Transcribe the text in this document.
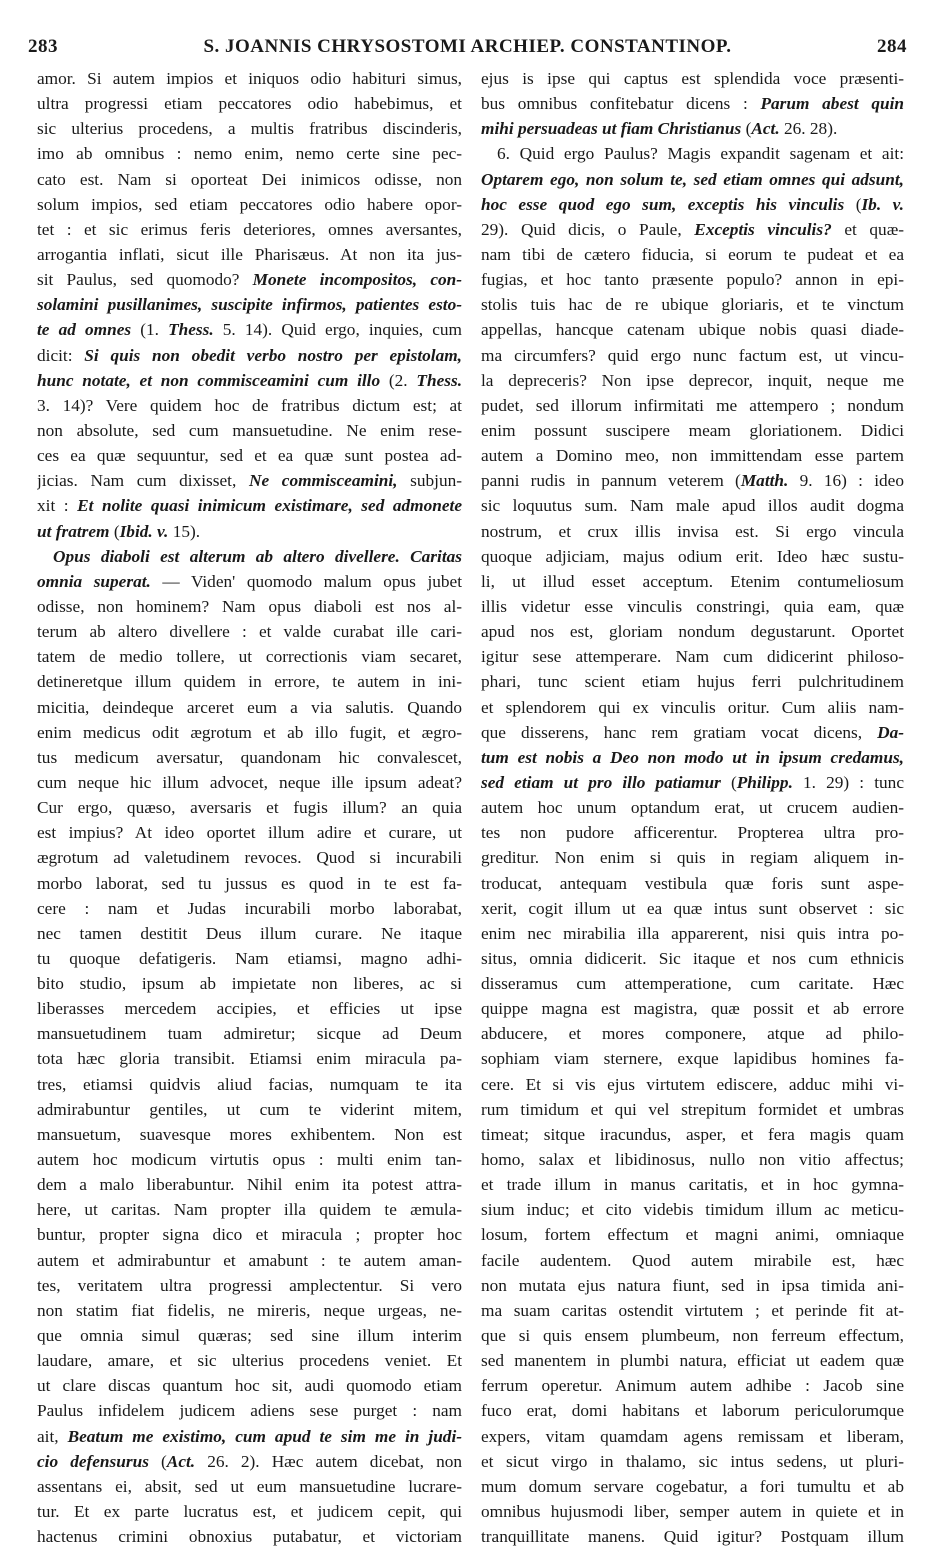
283	S. JOANNIS CHRYSOSTOMI ARCHIEP. CONSTANTINOP.	284
amor. Si autem impios et iniquos odio habituri simus,
ultra progressi etiam peccatores odio habebimus, et
sic ulterius procedens, a multis fratribus discinderis,
imo ab omnibus : nemo enim, nemo certe sine pec-
cato est. Nam si oporteat Dei inimicos odisse, non
solum impios, sed etiam peccatores odio habere opor-
tet : et sic erimus feris deteriores, omnes aversantes,
arrogantia inflati, sicut ille Pharisæus. At non ita jus-
sit Paulus, sed quomodo? Monete incompositos, con-
solamini pusillanimes, suscipite infirmos, patientes esto-
te ad omnes (1. Thess. 5. 14). Quid ergo, inquies, cum
dicit: Si quis non obedit verbo nostro per epistolam,
hunc notate, et non commisceamini cum illo (2. Thess.
3. 14)? Vere quidem hoc de fratribus dictum est; at
non absolute, sed cum mansuetudine. Ne enim rese-
ces ea quæ sequuntur, sed et ea quæ sunt postea ad-
jicias. Nam cum dixisset, Ne commisceamini, subjun-
xit : Et nolite quasi inimicum existimare, sed admonete
ut fratrem (Ibid. v. 15).
Opus diaboli est alterum ab altero divellere. Caritas
omnia superat. — Viden' quomodo malum opus jubet
odisse, non hominem? Nam opus diaboli est nos al-
terum ab altero divellere : et valde curabat ille cari-
tatem de medio tollere, ut correctionis viam secaret,
detineretque illum quidem in errore, te autem in ini-
micitia, deindeque arceret eum a via salutis. Quando
enim medicus odit ægrotum et ab illo fugit, et ægro-
tus medicum aversatur, quandonam hic convalescet,
cum neque hic illum advocet, neque ille ipsum adeat?
Cur ergo, quæso, aversaris et fugis illum? an quia
est impius? At ideo oportet illum adire et curare, ut
ægrotum ad valetudinem revoces. Quod si incurabili
morbo laborat, sed tu jussus es quod in te est fa-
cere : nam et Judas incurabili morbo laborabat,
nec tamen destitit Deus illum curare. Ne itaque
tu quoque defatigeris. Nam etiamsi, magno adhi-
bito studio, ipsum ab impietate non liberes, ac si
liberasses mercedem accipies, et efficies ut ipse
mansuetudinem tuam admiretur; sicque ad Deum
tota hæc gloria transibit. Etiamsi enim miracula pa-
tres, etiamsi quidvis aliud facias, numquam te ita
admirabuntur gentiles, ut cum te viderint mitem,
mansuetum, suavesque mores exhibentem. Non est
autem hoc modicum virtutis opus : multi enim tan-
dem a malo liberabuntur. Nihil enim ita potest attra-
here, ut caritas. Nam propter illa quidem te æmula-
buntur, propter signa dico et miracula ; propter hoc
autem et admirabuntur et amabunt : te autem aman-
tes, veritatem ultra progressi amplectentur. Si vero
non statim fiat fidelis, ne mireris, neque urgeas, ne-
que omnia simul quæras; sed sine illum interim
laudare, amare, et sic ulterius procedens veniet. Et
ut clare discas quantum hoc sit, audi quomodo etiam
Paulus infidelem judicem adiens sese purget : nam
ait, Beatum me existimo, cum apud te sim me in judi-
cio defensurus (Act. 26. 2). Hæc autem dicebat, non
assentans ei, absit, sed ut eum mansuetudine lucrare-
tur. Et ex parte lucratus est, et judicem cepit, qui
hactenus crimini obnoxius putabatur, et victoriam
ejus is ipse qui captus est splendida voce præsenti-
bus omnibus confitebatur dicens : Parum abest quin
mihi persuadeas ut fiam Christianus (Act. 26. 28).
6. Quid ergo Paulus? Magis expandit sagenam et ait:
Optarem ego, non solum te, sed etiam omnes qui adsunt,
hoc esse quod ego sum, exceptis his vinculis (Ib. v.
29). Quid dicis, o Paule, Exceptis vinculis? et quæ-
nam tibi de cætero fiducia, si eorum te pudeat et ea
fugias, et hoc tanto præsente populo? annon in epi-
stolis tuis hac de re ubique gloriaris, et te vinctum
appellas, hancque catenam ubique nobis quasi diade-
ma circumfers? quid ergo nunc factum est, ut vincu-
la depreceris? Non ipse deprecor, inquit, neque me
pudet, sed illorum infirmitati me attempero ; nondum
enim possunt suscipere meam gloriationem. Didici
autem a Domino meo, non immittendam esse partem
panni rudis in pannum veterem (Matth. 9. 16) : ideo
sic loquutus sum. Nam male apud illos audit dogma
nostrum, et crux illis invisa est. Si ergo vincula
quoque adjiciam, majus odium erit. Ideo hæc sustu-
li, ut illud esset acceptum. Etenim contumeliosum
illis videtur esse vinculis constringi, quia eam, quæ
apud nos est, gloriam nondum degustarunt. Oportet
igitur sese attemperare. Nam cum didicerint philoso-
phari, tunc scient etiam hujus ferri pulchritudinem
et splendorem qui ex vinculis oritur. Cum aliis nam-
que disserens, hanc rem gratiam vocat dicens, Da-
tum est nobis a Deo non modo ut in ipsum credamus,
sed etiam ut pro illo patiamur (Philipp. 1. 29) : tunc
autem hoc unum optandum erat, ut crucem audien-
tes non pudore afficerentur. Propterea ultra pro-
greditur. Non enim si quis in regiam aliquem in-
troducat, antequam vestibula quæ foris sunt aspe-
xerit, cogit illum ut ea quæ intus sunt observet : sic
enim nec mirabilia illa apparerent, nisi quis intra po-
situs, omnia didicerit. Sic itaque et nos cum ethnicis
disseramus cum attemperatione, cum caritate. Hæc
quippe magna est magistra, quæ possit et ab errore
abducere, et mores componere, atque ad philo-
sophiam viam sternere, exque lapidibus homines fa-
cere. Et si vis ejus virtutem ediscere, adduc mihi vi-
rum timidum et qui vel strepitum formidet et umbras
timeat; sitque iracundus, asper, et fera magis quam
homo, salax et libidinosus, nullo non vitio affectus;
et trade illum in manus caritatis, et in hoc gymna-
sium induc; et cito videbis timidum illum ac meticu-
losum, fortem effectum et magni animi, omniaque
facile audentem. Quod autem mirabile est, hæc
non mutata ejus natura fiunt, sed in ipsa timida ani-
ma suam caritas ostendit virtutem ; et perinde fit at-
que si quis ensem plumbeum, non ferreum effectum,
sed manentem in plumbi natura, efficiat ut eadem quæ
ferrum operetur. Animum autem adhibe : Jacob sine
fuco erat, domi habitans et laborum periculorumque
expers, vitam quamdam agens remissam et liberam,
et sicut virgo in thalamo, sic intus sedens, ut pluri-
mum domum servare cogebatur, a fori tumultu et ab
omnibus hujusmodi liber, semper autem in quiete et in
tranquillitate manens. Quid igitur? Postquam illum
